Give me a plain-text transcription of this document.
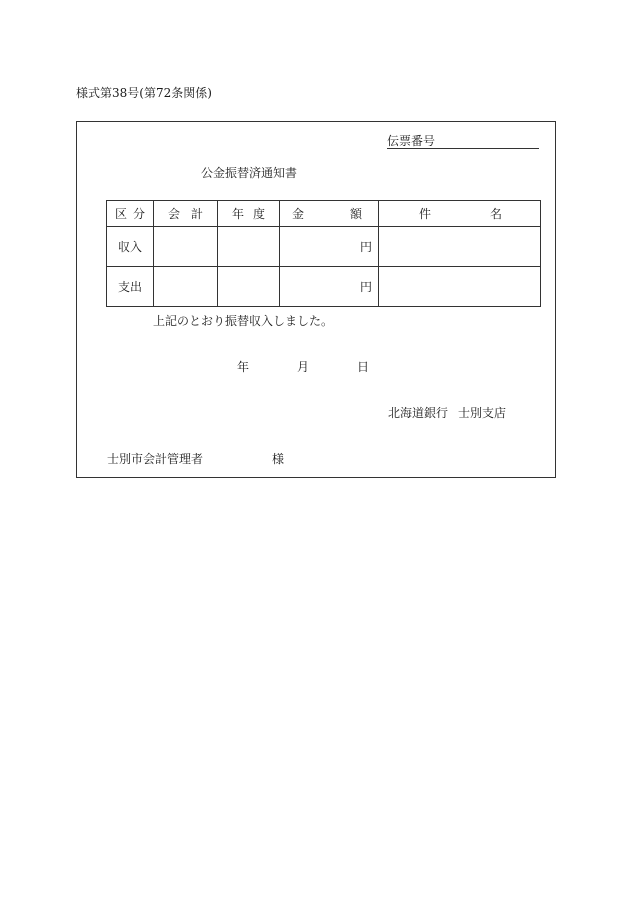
様式第38号(第72条関係)
伝票番号
公金振替済通知書
区 分	会 計	年 度	金 額	件 名

収入			円	
支出			円	
上記のとおり振替収入しました。
年	月	日
北海道銀行 士別支店
士別市会計管理者	様
